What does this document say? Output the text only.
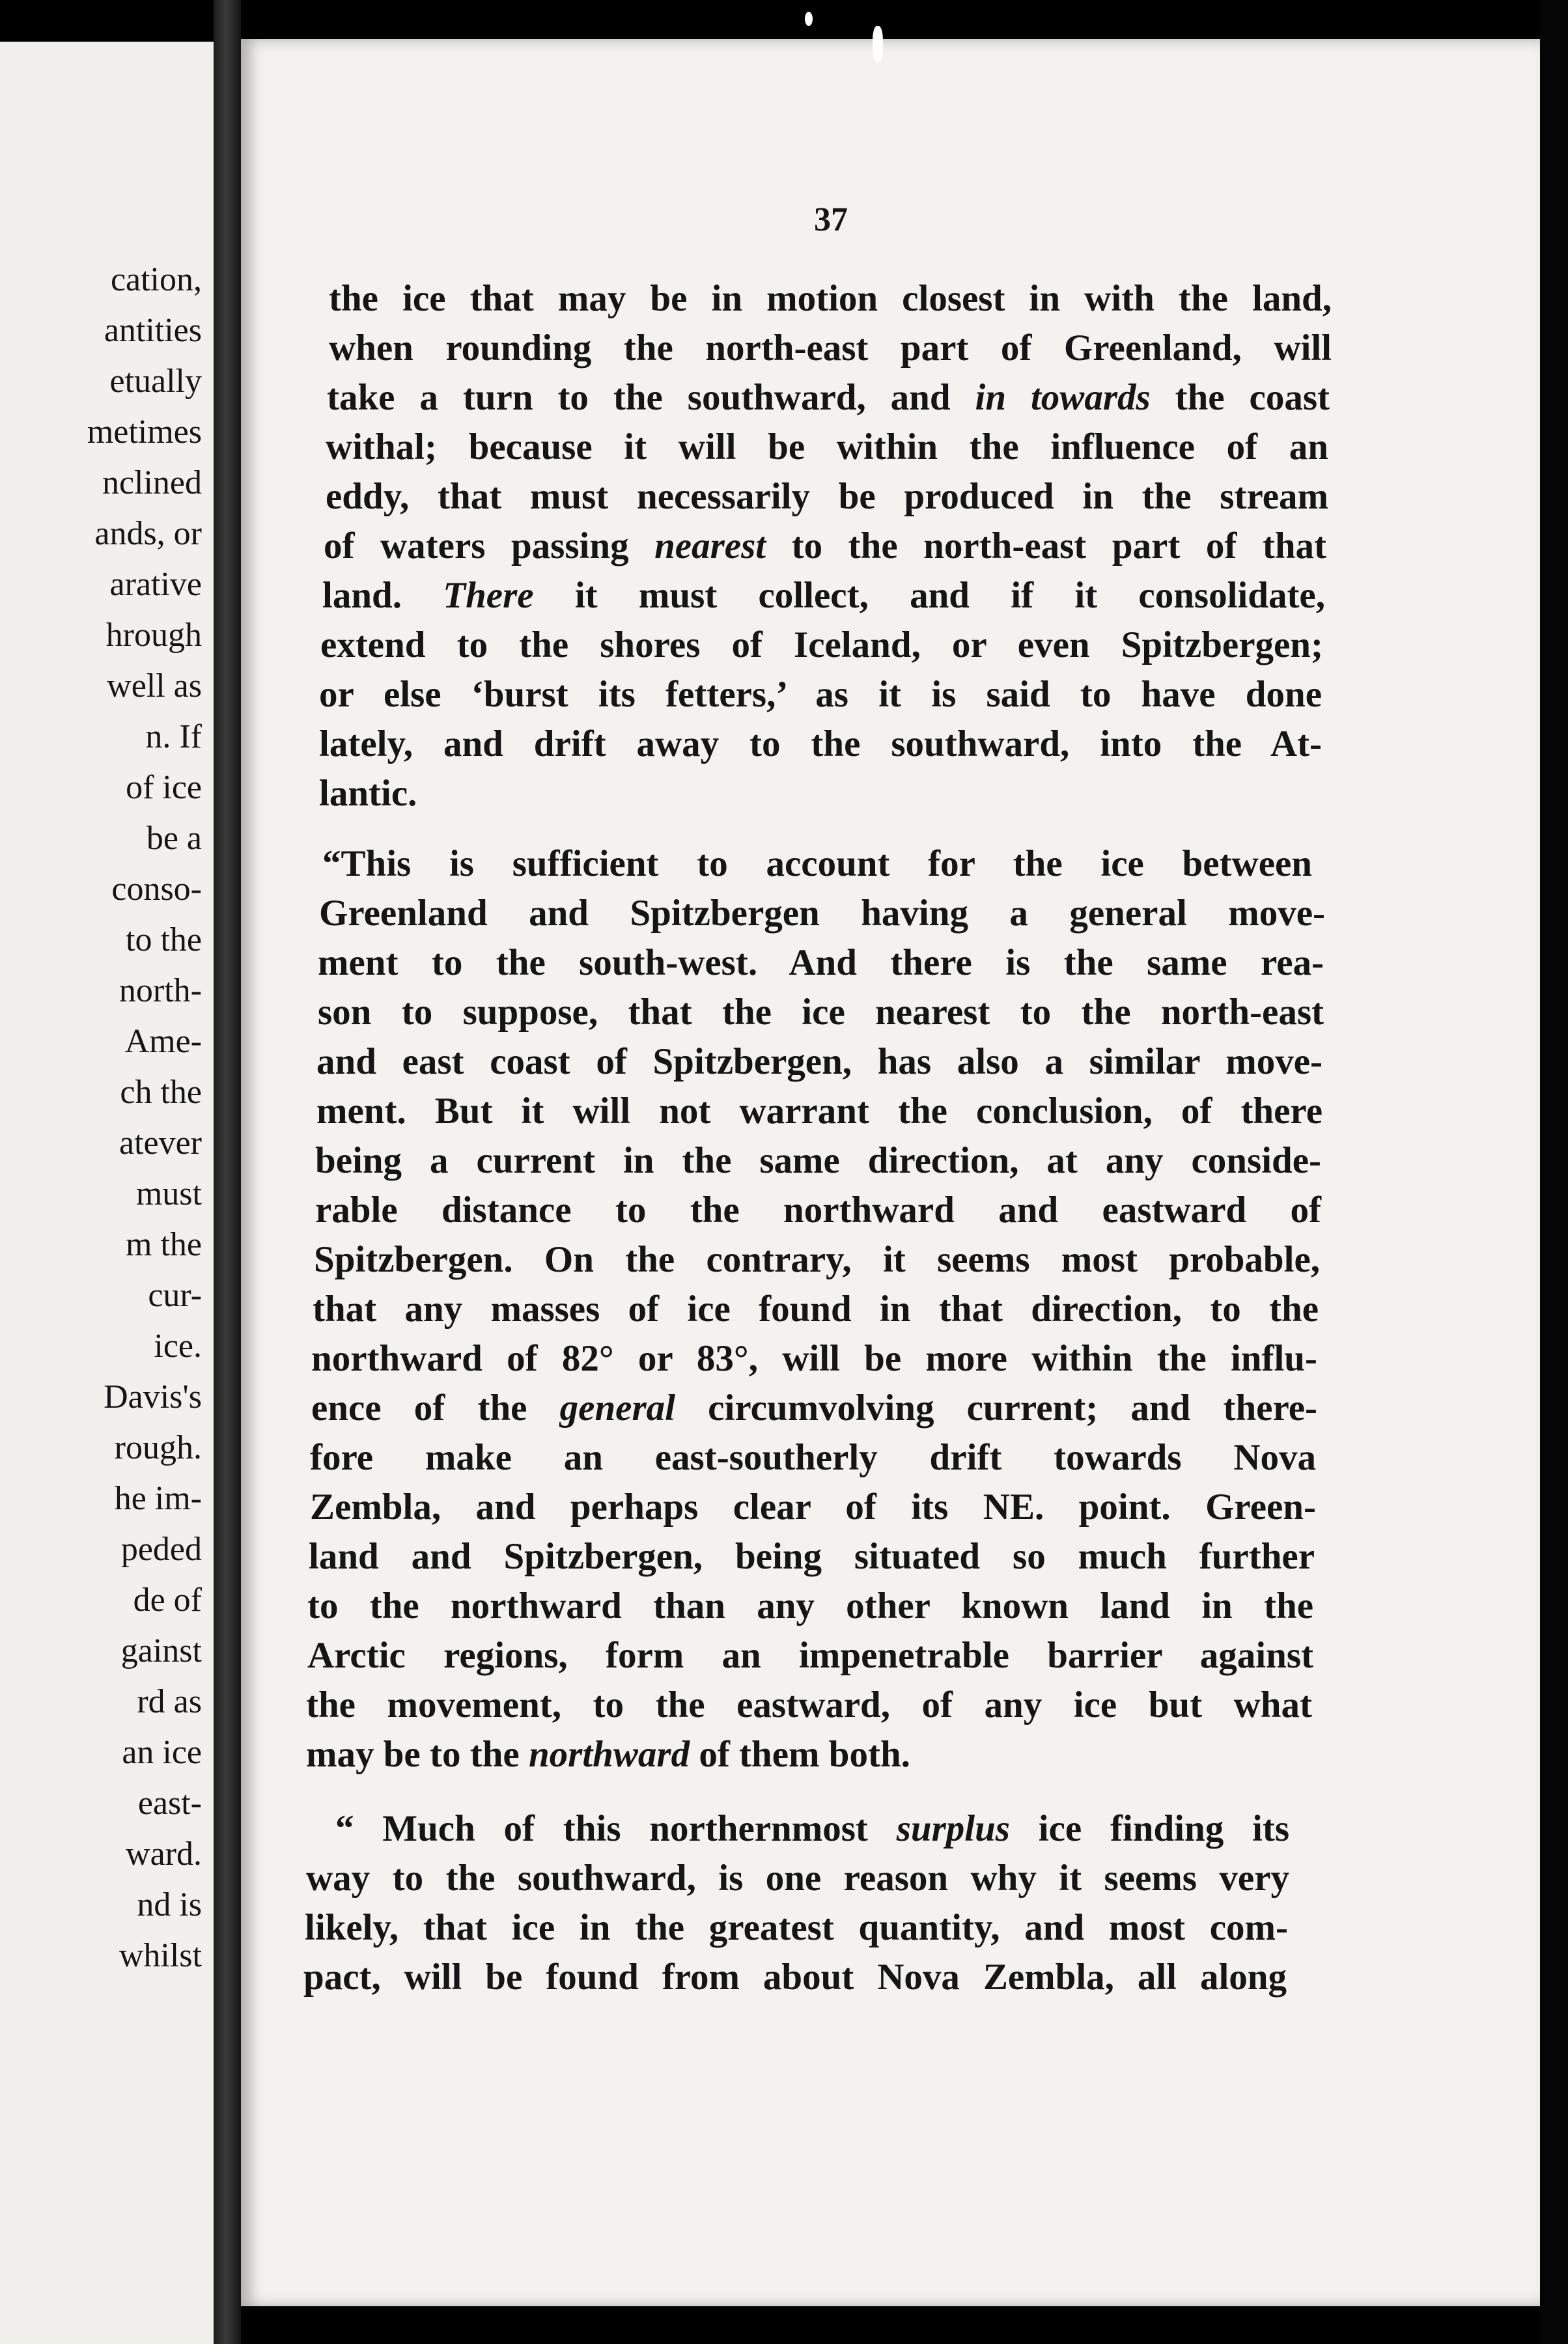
cation,
antities
etually
metimes
nclined
ands, or
arative
hrough
well as
n. If
of ice
be a
conso-
to the
north-
Ame-
ch the
atever
must
m the
cur-
ice.
Davis's
rough.
he im-
peded
de of
gainst
rd as
an ice
east-
ward.
nd is
whilst
37
the ice that may be in motion closest in with the land,
when rounding the north-east part of Greenland, will
take a turn to the southward, and in towards the coast
withal; because it will be within the influence of an
eddy, that must necessarily be produced in the stream
of waters passing nearest to the north-east part of that
land. There it must collect, and if it consolidate,
extend to the shores of Iceland, or even Spitzbergen;
or else ‘burst its fetters,’ as it is said to have done
lately, and drift away to the southward, into the At-
lantic.
“This is sufficient to account for the ice between
Greenland and Spitzbergen having a general move-
ment to the south-west. And there is the same rea-
son to suppose, that the ice nearest to the north-east
and east coast of Spitzbergen, has also a similar move-
ment. But it will not warrant the conclusion, of there
being a current in the same direction, at any conside-
rable distance to the northward and eastward of
Spitzbergen. On the contrary, it seems most probable,
that any masses of ice found in that direction, to the
northward of 82° or 83°, will be more within the influ-
ence of the general circumvolving current; and there-
fore make an east-southerly drift towards Nova
Zembla, and perhaps clear of its NE. point. Green-
land and Spitzbergen, being situated so much further
to the northward than any other known land in the
Arctic regions, form an impenetrable barrier against
the movement, to the eastward, of any ice but what
may be to the northward of them both.
“ Much of this northernmost surplus ice finding its
way to the southward, is one reason why it seems very
likely, that ice in the greatest quantity, and most com-
pact, will be found from about Nova Zembla, all along
